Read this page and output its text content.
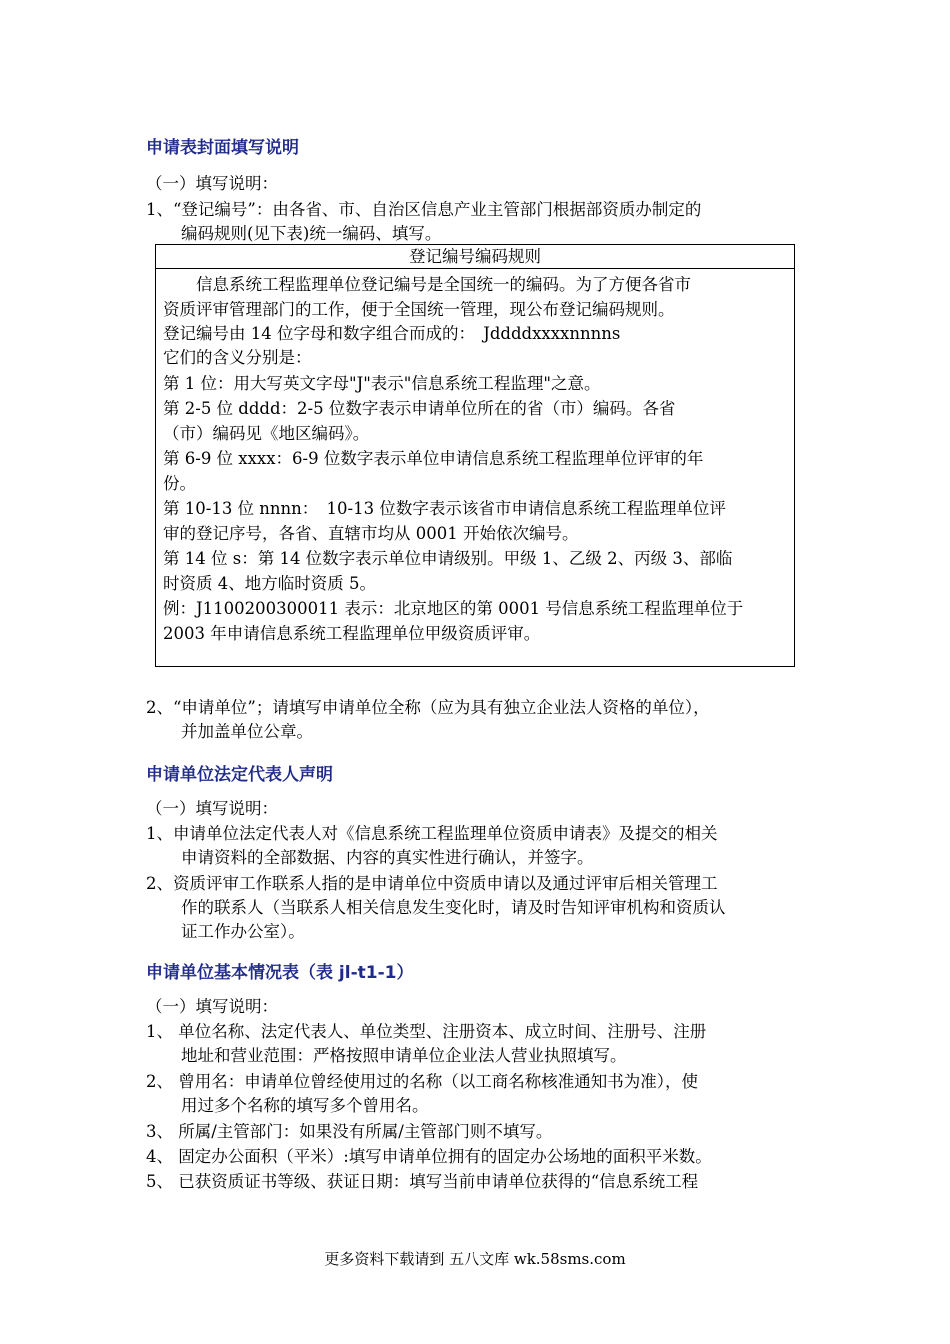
申请表封面填写说明
（一）填写说明：
1、“登记编号”：由各省、市、自治区信息产业主管部门根据部资质办制定的
编码规则(见下表)统一编码、填写。
登记编号编码规则
　　信息系统工程监理单位登记编号是全国统一的编码。为了方便各省市
资质评审管理部门的工作，便于全国统一管理，现公布登记编码规则。
登记编号由 14 位字母和数字组合而成的：　Jddddxxxxnnnns
它们的含义分别是：
第 1 位：用大写英文字母"J"表示"信息系统工程监理"之意。
第 2-5 位 dddd：2-5 位数字表示申请单位所在的省（市）编码。各省
（市）编码见《地区编码》。
第 6-9 位 xxxx：6-9 位数字表示单位申请信息系统工程监理单位评审的年
份。
第 10-13 位 nnnn：　10-13 位数字表示该省市申请信息系统工程监理单位评
审的登记序号，各省、直辖市均从 0001 开始依次编号。
第 14 位 s：第 14 位数字表示单位申请级别。甲级 1、乙级 2、丙级 3、部临
时资质 4、地方临时资质 5。
例：J1100200300011 表示：北京地区的第 0001 号信息系统工程监理单位于
2003 年申请信息系统工程监理单位甲级资质评审。
2、“申请单位”；请填写申请单位全称（应为具有独立企业法人资格的单位），
并加盖单位公章。
申请单位法定代表人声明
（一）填写说明：
1、申请单位法定代表人对《信息系统工程监理单位资质申请表》及提交的相关
申请资料的全部数据、内容的真实性进行确认，并签字。
2、资质评审工作联系人指的是申请单位中资质申请以及通过评审后相关管理工
作的联系人（当联系人相关信息发生变化时，请及时告知评审机构和资质认
证工作办公室）。
申请单位基本情况表（表 jl-t1-1）
（一）填写说明：
1、 单位名称、法定代表人、单位类型、注册资本、成立时间、注册号、注册
地址和营业范围：严格按照申请单位企业法人营业执照填写。
2、 曾用名：申请单位曾经使用过的名称（以工商名称核准通知书为准），使
用过多个名称的填写多个曾用名。
3、 所属/主管部门：如果没有所属/主管部门则不填写。
4、 固定办公面积（平米）:填写申请单位拥有的固定办公场地的面积平米数。
5、 已获资质证书等级、获证日期：填写当前申请单位获得的“信息系统工程
更多资料下载请到 五八文库 wk.58sms.com
